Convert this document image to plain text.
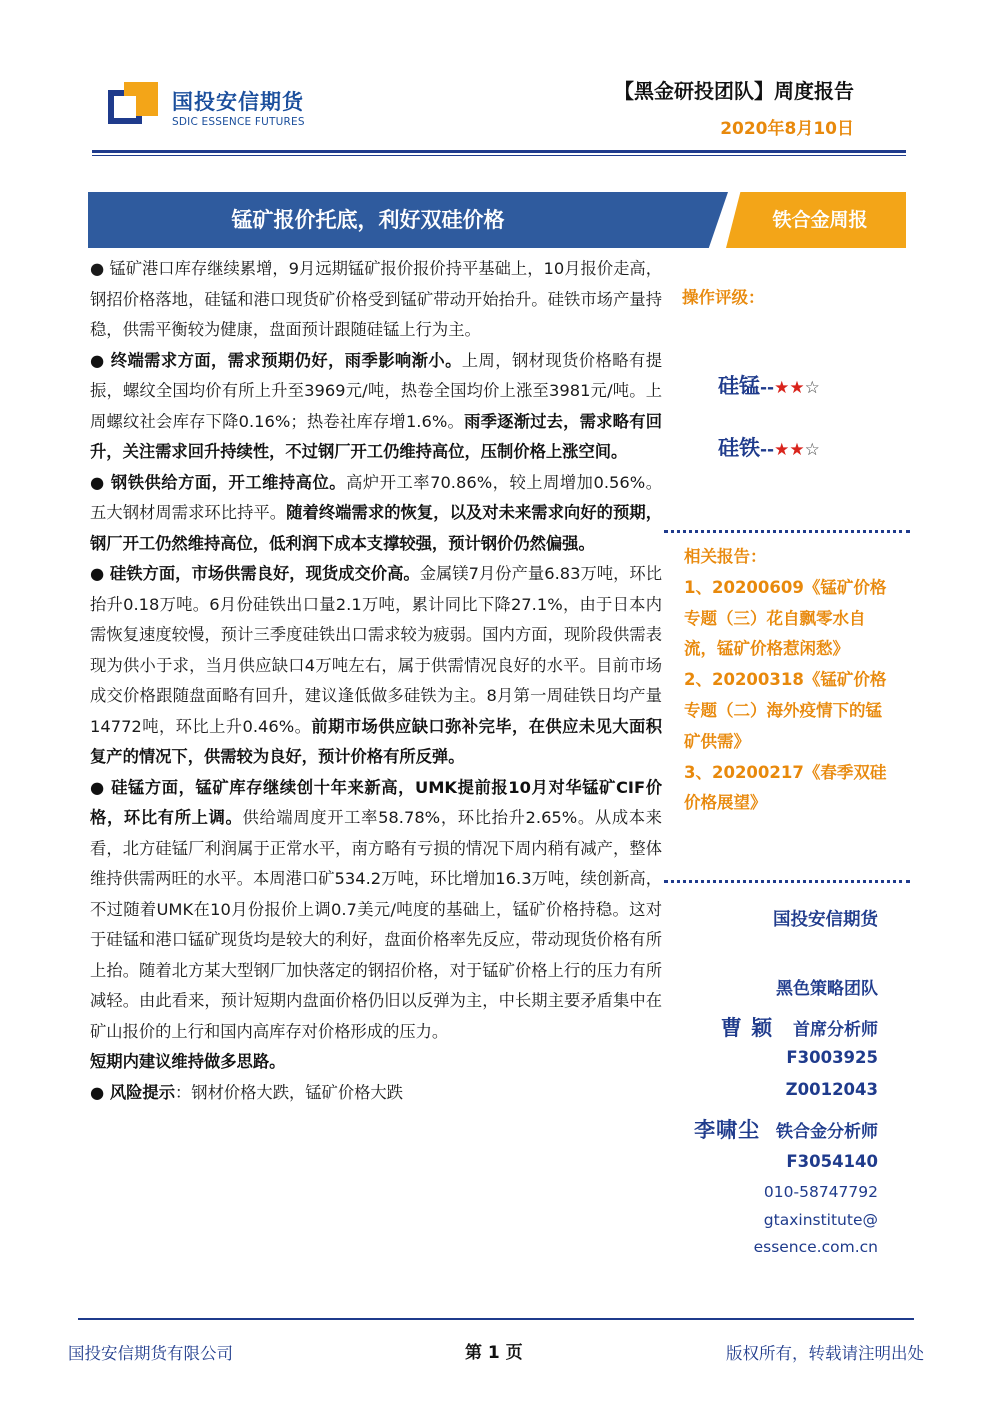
国投安信期货
SDIC ESSENCE FUTURES
【黑金研投团队】周度报告
2020年8月10日
锰矿报价托底，利好双硅价格	铁合金周报

● 锰矿港口库存继续累增，9月远期锰矿报价报价持平基础上，10月报价走高，钢招价格落地，硅锰和港口现货矿价格受到锰矿带动开始抬升。硅铁市场产量持稳，供需平衡较为健康，盘面预计跟随硅锰上行为主。

● 终端需求方面，需求预期仍好，雨季影响渐小。上周，钢材现货价格略有提振，螺纹全国均价有所上升至3969元/吨，热卷全国均价上涨至3981元/吨。上周螺纹社会库存下降0.16%；热卷社库存增1.6%。雨季逐渐过去，需求略有回升，关注需求回升持续性，不过钢厂开工仍维持高位，压制价格上涨空间。

● 钢铁供给方面，开工维持高位。高炉开工率70.86%，较上周增加0.56%。五大钢材周需求环比持平。随着终端需求的恢复，以及对未来需求向好的预期，钢厂开工仍然维持高位，低利润下成本支撑较强，预计钢价仍然偏强。

● 硅铁方面，市场供需良好，现货成交价高。金属镁7月份产量6.83万吨，环比抬升0.18万吨。6月份硅铁出口量2.1万吨，累计同比下降27.1%，由于日本内需恢复速度较慢，预计三季度硅铁出口需求较为疲弱。国内方面，现阶段供需表现为供小于求，当月供应缺口4万吨左右，属于供需情况良好的水平。目前市场成交价格跟随盘面略有回升，建议逢低做多硅铁为主。8月第一周硅铁日均产量14772吨，环比上升0.46%。前期市场供应缺口弥补完毕，在供应未见大面积复产的情况下，供需较为良好，预计价格有所反弹。

● 硅锰方面，锰矿库存继续创十年来新高，UMK提前报10月对华锰矿CIF价格，环比有所上调。供给端周度开工率58.78%，环比抬升2.65%。从成本来看，北方硅锰厂利润属于正常水平，南方略有亏损的情况下周内稍有减产，整体维持供需两旺的水平。本周港口矿534.2万吨，环比增加16.3万吨，续创新高，不过随着UMK在10月份报价上调0.7美元/吨度的基础上，锰矿价格持稳。这对于硅锰和港口锰矿现货均是较大的利好，盘面价格率先反应，带动现货价格有所上抬。随着北方某大型钢厂加快落定的钢招价格，对于锰矿价格上行的压力有所减轻。由此看来，预计短期内盘面价格仍旧以反弹为主，中长期主要矛盾集中在矿山报价的上行和国内高库存对价格形成的压力。

短期内建议维持做多思路。

● 风险提示：钢材价格大跌，锰矿价格大跌

操作评级：
硅锰--★★☆
硅铁--★★☆
相关报告：
1、20200609《锰矿价格专题（三）花自飘零水自流，锰矿价格惹闲愁》
2、20200318《锰矿价格专题（二）海外疫情下的锰矿供需》
3、20200217《春季双硅价格展望》
国投安信期货
黑色策略团队
曹 颖 首席分析师
F3003925
Z0012043
李啸尘 铁合金分析师
F3054140
010-58747792
gtaxinstitute@
essence.com.cn
国投安信期货有限公司	第 1 页	版权所有，转载请注明出处
